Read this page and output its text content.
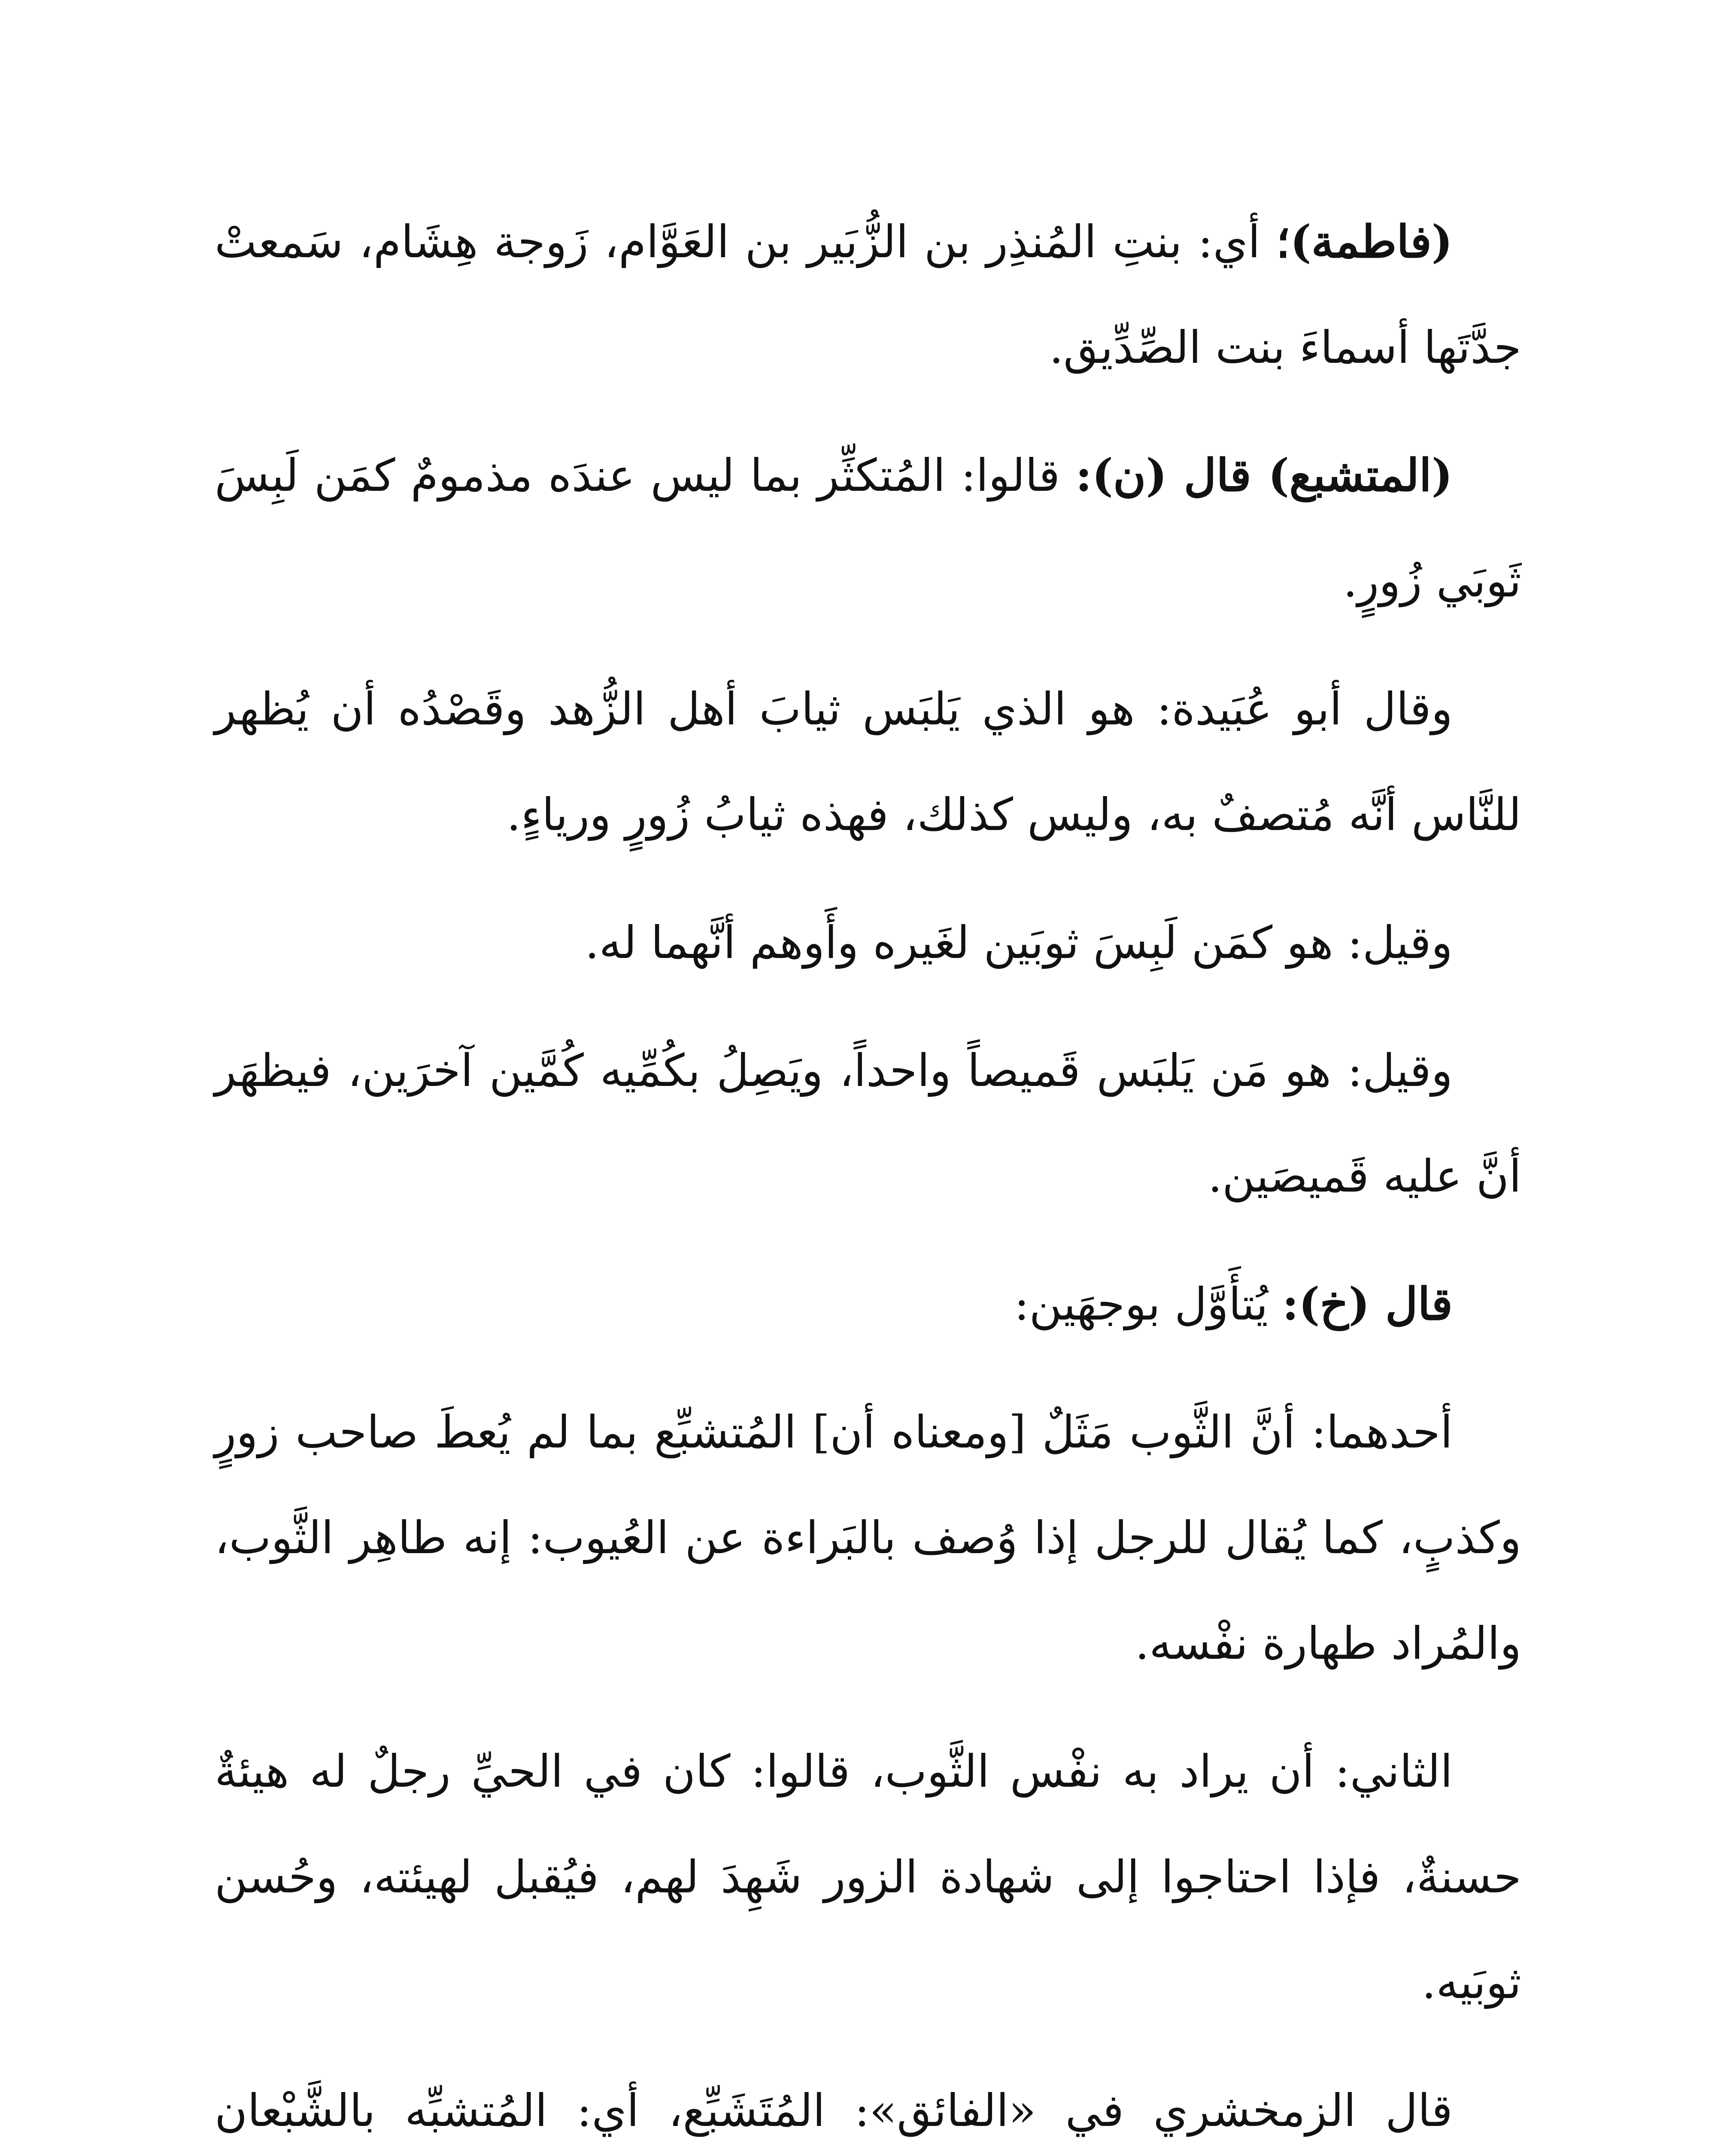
(فاطمة)؛ أي: بنتِ المُنذِر بن الزُّبَير بن العَوَّام، زَوجة هِشَام، سَمعتْ جدَّتَها أسماءَ بنت الصِّدِّيق.

(المتشبع) قال (ن): قالوا: المُتكثِّر بما ليس عندَه مذمومٌ كمَن لَبِسَ ثَوبَي زُورٍ.

وقال أبو عُبَيدة: هو الذي يَلبَس ثيابَ أهل الزُّهد وقَصْدُه أن يُظهر للنَّاس أنَّه مُتصفٌ به، وليس كذلك، فهذه ثيابُ زُورٍ ورياءٍ.

وقيل: هو كمَن لَبِسَ ثوبَين لغَيره وأَوهم أنَّهما له.

وقيل: هو مَن يَلبَس قَميصاً واحداً، ويَصِلُ بكُمِّيه كُمَّين آخرَين، فيظهَر أنَّ عليه قَميصَين.

قال (خ): يُتأَوَّل بوجهَين:

أحدهما: أنَّ الثَّوب مَثَلٌ [ومعناه أن] المُتشبِّع بما لم يُعطَ صاحب زورٍ وكذبٍ، كما يُقال للرجل إذا وُصف بالبَراءة عن العُيوب: إنه طاهِر الثَّوب، والمُراد طهارة نفْسه.

الثاني: أن يراد به نفْس الثَّوب، قالوا: كان في الحيِّ رجلٌ له هيئةٌ حسنةٌ، فإذا احتاجوا إلى شهادة الزور شَهِدَ لهم، فيُقبل لهيئته، وحُسن ثوبَيه.

قال الزمخشري في «الفائق»: المُتَشَبِّع، أي: المُتشبِّه بالشَّبْعان
